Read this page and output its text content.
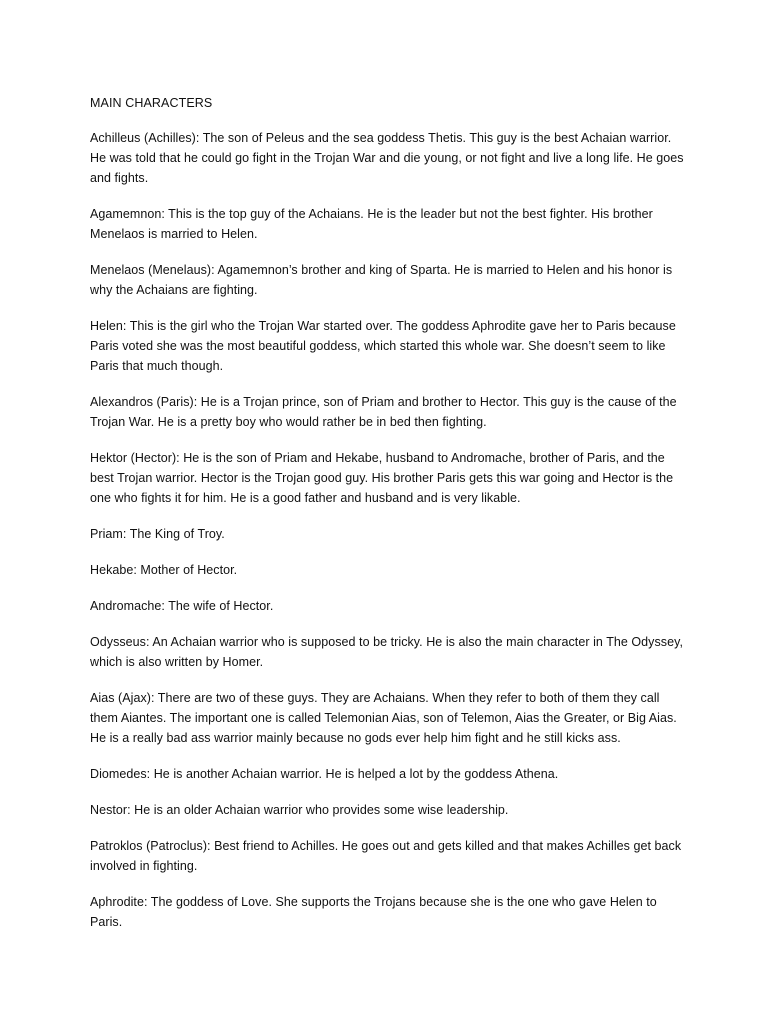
MAIN CHARACTERS

Achilleus (Achilles): The son of Peleus and the sea goddess Thetis. This guy is the best Achaian warrior. He was told that he could go fight in the Trojan War and die young, or not fight and live a long life. He goes and fights.

Agamemnon: This is the top guy of the Achaians. He is the leader but not the best fighter. His brother Menelaos is married to Helen.

Menelaos (Menelaus): Agamemnon’s brother and king of Sparta. He is married to Helen and his honor is why the Achaians are fighting.

Helen: This is the girl who the Trojan War started over. The goddess Aphrodite gave her to Paris because Paris voted she was the most beautiful goddess, which started this whole war. She doesn’t seem to like Paris that much though.

Alexandros (Paris): He is a Trojan prince, son of Priam and brother to Hector. This guy is the cause of the Trojan War. He is a pretty boy who would rather be in bed then fighting.

Hektor (Hector): He is the son of Priam and Hekabe, husband to Andromache, brother of Paris, and the best Trojan warrior. Hector is the Trojan good guy. His brother Paris gets this war going and Hector is the one who fights it for him. He is a good father and husband and is very likable.

Priam: The King of Troy.

Hekabe: Mother of Hector.

Andromache: The wife of Hector.

Odysseus: An Achaian warrior who is supposed to be tricky. He is also the main character in The Odyssey, which is also written by Homer.

Aias (Ajax): There are two of these guys. They are Achaians. When they refer to both of them they call them Aiantes. The important one is called Telemonian Aias, son of Telemon, Aias the Greater, or Big Aias. He is a really bad ass warrior mainly because no gods ever help him fight and he still kicks ass.

Diomedes: He is another Achaian warrior. He is helped a lot by the goddess Athena.

Nestor: He is an older Achaian warrior who provides some wise leadership.

Patroklos (Patroclus): Best friend to Achilles. He goes out and gets killed and that makes Achilles get back involved in fighting.

Aphrodite: The goddess of Love. She supports the Trojans because she is the one who gave Helen to Paris.
